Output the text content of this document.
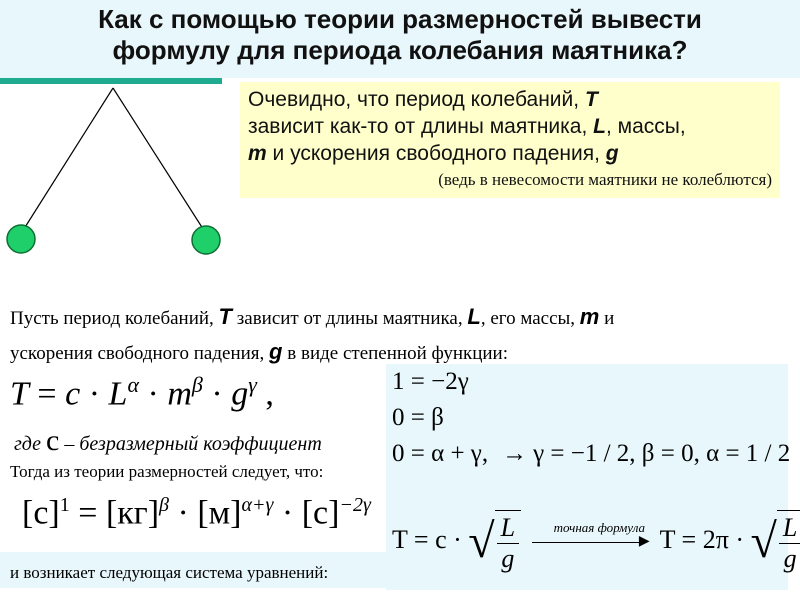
Как с помощью теории размерностей вывести
формулу для периода колебания маятника?
Очевидно, что период колебаний, T
зависит как-то от длины маятника, L, массы,
m и ускорения свободного падения, g
(ведь в невесомости маятники не колеблются)
Пусть период колебаний, T зависит от длины маятника, L, его массы, m и
ускорения свободного падения, g в виде степенной функции:
$T = c \cdot L^\alpha \cdot m^\beta \cdot g^\gamma$ ,
где c – безразмерный коэффициент
Тогда из теории размерностей следует, что:
$[c]^1 = [кг]^\beta \cdot [м]^{\alpha+\gamma} \cdot [c]^{-2\gamma}$
и возникает следующая система уравнений:
1 = −2γ
0 = β
0 = α + γ, → γ = −1 / 2, β = 0, α = 1 / 2
T = c · √ $\frac{L}{g}$
	точная формула
▶ T = 2π · √ $\frac{L}{g}$
